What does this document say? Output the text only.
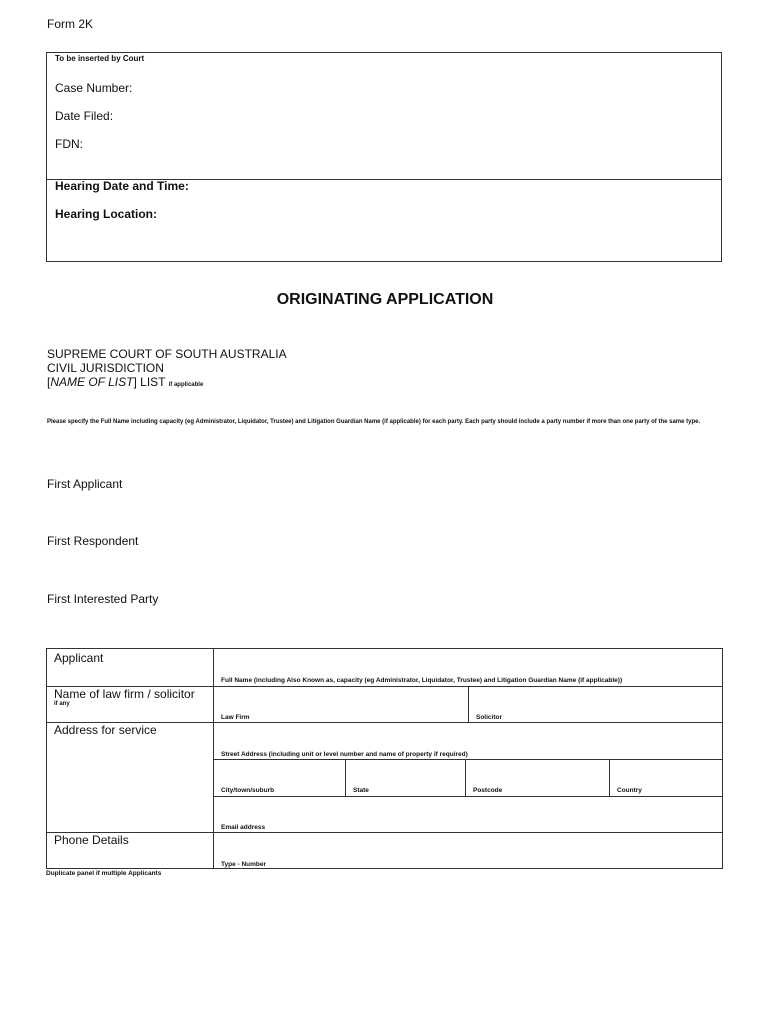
Form 2K
To be inserted by Court
Case Number:
Date Filed:
FDN:
Hearing Date and Time:
Hearing Location:
ORIGINATING APPLICATION
SUPREME COURT OF SOUTH AUSTRALIA
CIVIL JURISDICTION
[NAME OF LIST] LIST if applicable
Please specify the Full Name including capacity (eg Administrator, Liquidator, Trustee) and Litigation Guardian Name (if applicable) for each party. Each party should include a party number if more than one party of the same type.
First Applicant
First Respondent
First Interested Party
Applicant
Full Name (including Also Known as, capacity (eg Administrator, Liquidator, Trustee) and Litigation Guardian Name (if applicable))
Name of law firm / solicitor
if any
Law Firm	Solicitor
Address for service
Street Address (including unit or level number and name of property if required)
City/town/suburb	State	Postcode	Country
Email address
Phone Details
Type - Number
Duplicate panel if multiple Applicants
